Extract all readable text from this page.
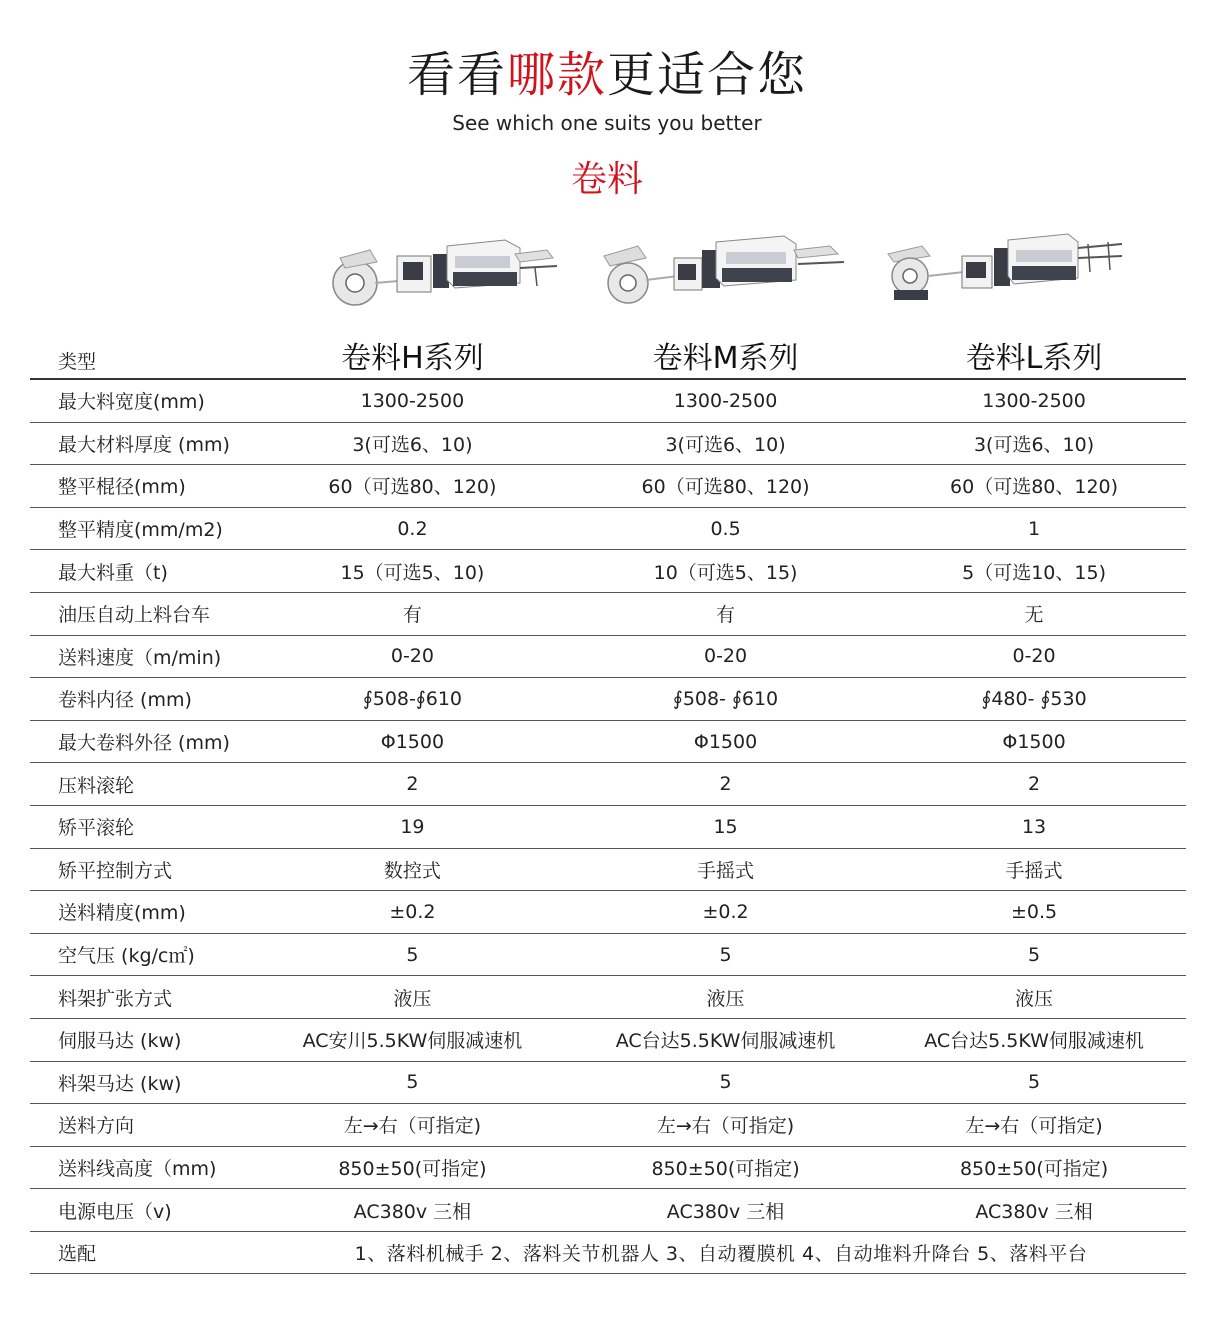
看看哪款更适合您
See which one suits you better
卷料
类型	卷料H系列	卷料M系列	卷料L系列
最大料宽度(mm)	1300-2500	1300-2500	1300-2500
最大材料厚度 (mm)	3(可选6、10)	3(可选6、10)	3(可选6、10)
整平棍径(mm)	60（可选80、120)	60（可选80、120)	60（可选80、120)
整平精度(mm/m2)	0.2	0.5	1
最大料重（t)	15（可选5、10)	10（可选5、15)	5（可选10、15)
油压自动上料台车	有	有	无
送料速度（m/min)	0-20	0-20	0-20
卷料内径 (mm)	∮508-∮610	∮508- ∮610	∮480- ∮530
最大卷料外径 (mm)	Φ1500	Φ1500	Φ1500
压料滚轮	2	2	2
矫平滚轮	19	15	13
矫平控制方式	数控式	手摇式	手摇式
送料精度(mm)	±0.2	±0.2	±0.5
空气压 (kg/c㎡)	5	5	5
料架扩张方式	液压	液压	液压
伺服马达 (kw)	AC安川5.5KW伺服减速机	AC台达5.5KW伺服减速机	AC台达5.5KW伺服减速机
料架马达 (kw)	5	5	5
送料方向	左→右（可指定)	左→右（可指定)	左→右（可指定)
送料线高度（mm)	850±50(可指定)	850±50(可指定)	850±50(可指定)
电源电压（v)	AC380v 三相	AC380v 三相	AC380v 三相
选配	1、落料机械手 2、落料关节机器人 3、自动覆膜机 4、自动堆料升降台 5、落料平台		
